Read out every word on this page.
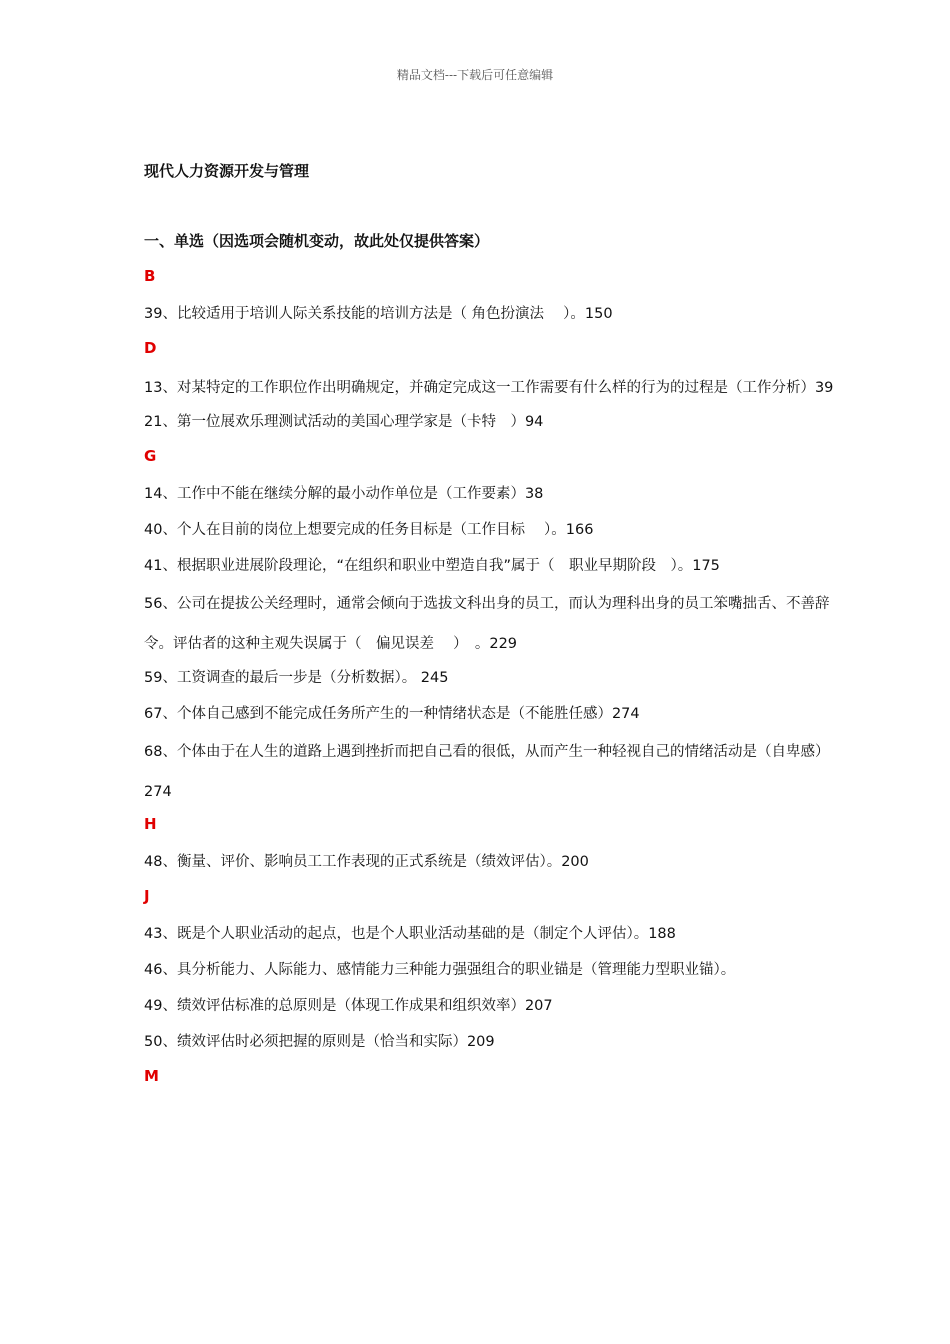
精品文档---下载后可任意编辑
现代人力资源开发与管理
一、单选（因选项会随机变动，故此处仅提供答案）
B
39、比较适用于培训人际关系技能的培训方法是（ 角色扮演法　 ）。150
D
13、对某特定的工作职位作出明确规定，并确定完成这一工作需要有什么样的行为的过程是（工作分析）39
21、第一位展欢乐理测试活动的美国心理学家是（卡特　）94
G
14、工作中不能在继续分解的最小动作单位是（工作要素）38
40、个人在目前的岗位上想要完成的任务目标是（工作目标　 ）。166
41、根据职业进展阶段理论，“在组织和职业中塑造自我”属于（　职业早期阶段　）。175
56、公司在提拔公关经理时，通常会倾向于选拔文科出身的员工，而认为理科出身的员工笨嘴拙舌、不善辞令。评估者的这种主观失误属于（　偏见误差　 ）　。229
59、工资调查的最后一步是（分析数据）。 245
67、个体自己感到不能完成任务所产生的一种情绪状态是（不能胜任感）274
68、个体由于在人生的道路上遇到挫折而把自己看的很低，从而产生一种轻视自己的情绪活动是（自卑感）274
H
48、衡量、评价、影响员工工作表现的正式系统是（绩效评估）。200
J
43、既是个人职业活动的起点，也是个人职业活动基础的是（制定个人评估）。188
46、具分析能力、人际能力、感情能力三种能力强强组合的职业锚是（管理能力型职业锚）。
49、绩效评估标准的总原则是（体现工作成果和组织效率）207
50、绩效评估时必须把握的原则是（恰当和实际）209
M
